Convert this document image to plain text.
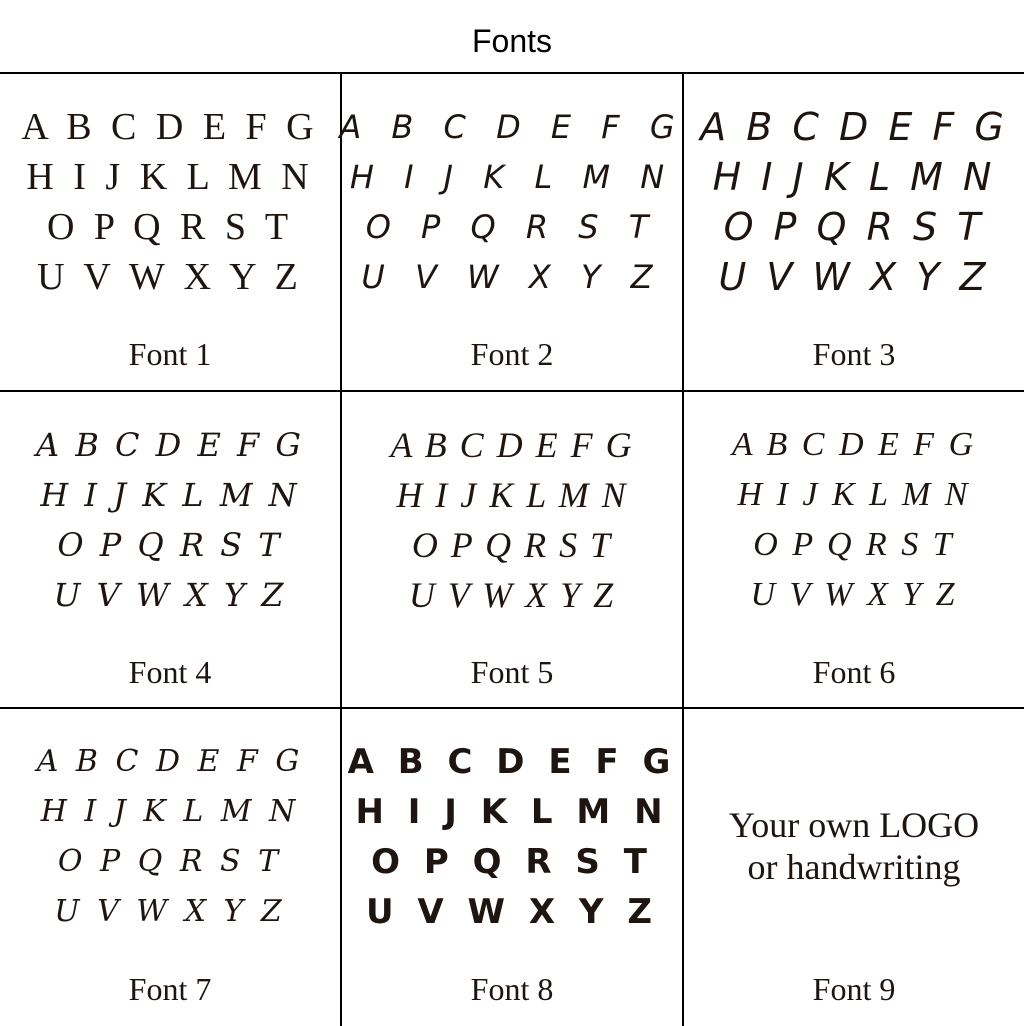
Fonts
A B C D E F G
H I J K L M N
O P Q R S T
U V W X Y Z
Font 1
A B C D E F G
H I J K L M N
O P Q R S T
U V W X Y Z
Font 2
A B C D E F G
H I J K L M N
O P Q R S T
U V W X Y Z
Font 3
A B C D E F G
H I J K L M N
O P Q R S T
U V W X Y Z
Font 4
A B C D E F G
H I J K L M N
O P Q R S T
U V W X Y Z
Font 5
A B C D E F G
H I J K L M N
O P Q R S T
U V W X Y Z
Font 6
A B C D E F G
H I J K L M N
O P Q R S T
U V W X Y Z
Font 7
A B C D E F G
H I J K L M N
O P Q R S T
U V W X Y Z
Font 8
Your own LOGO
or handwriting
Font 9
